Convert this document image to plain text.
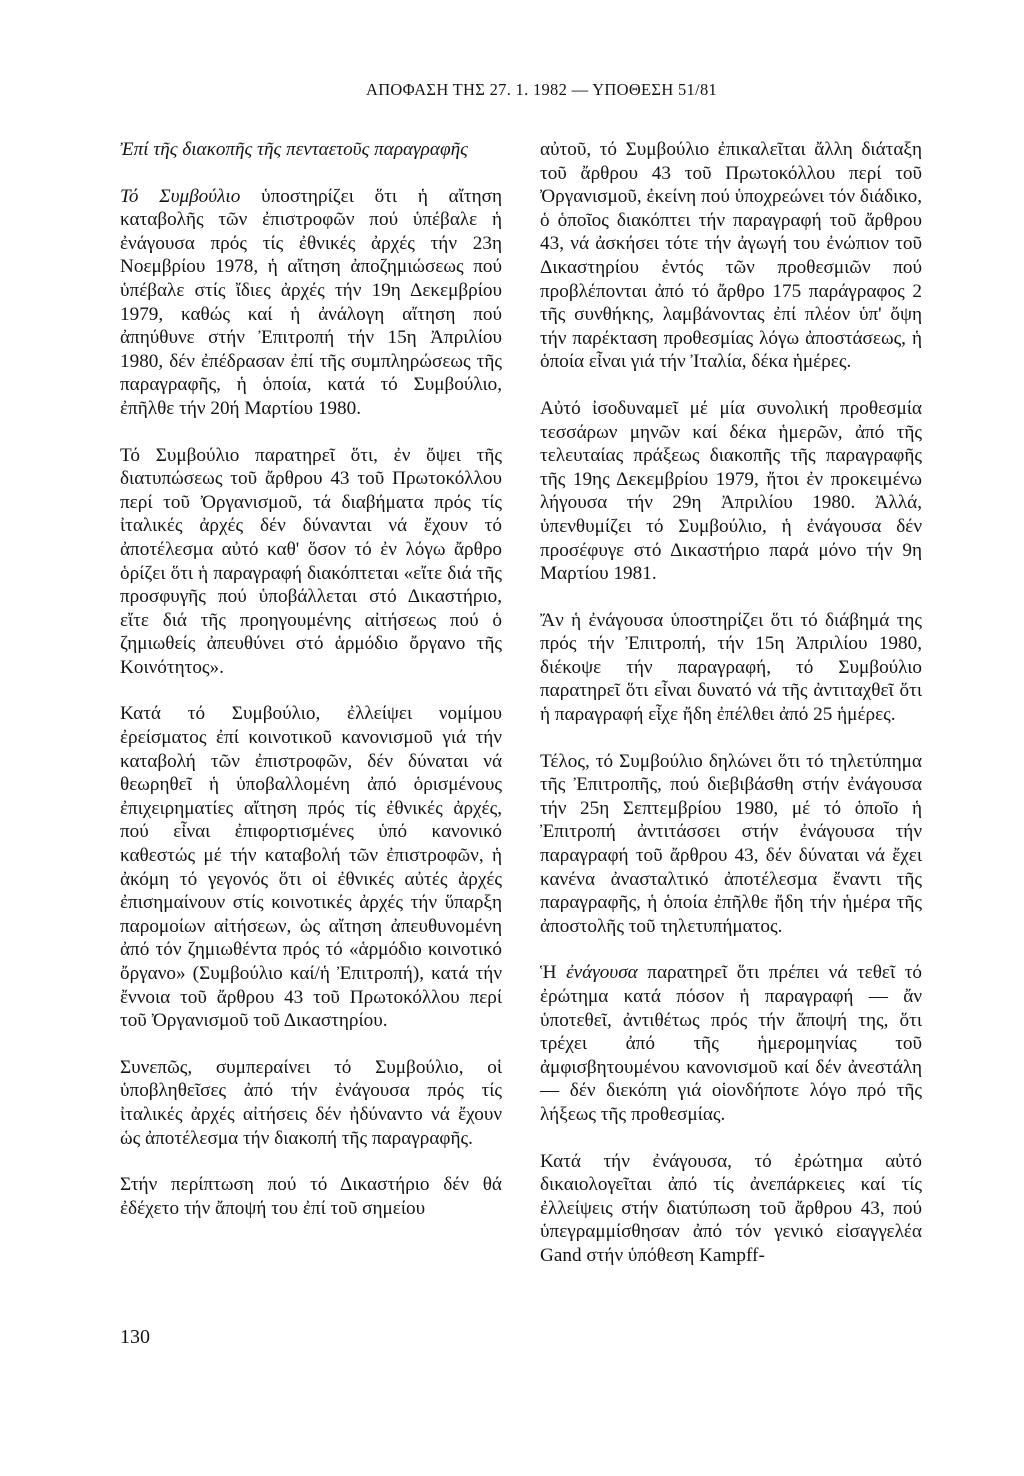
ΑΠΟΦΑΣΗ ΤΗΣ 27. 1. 1982 — ΥΠΟΘΕΣΗ 51/81

Ἐπί τῆς διακοπῆς τῆς πενταετοῦς παραγραφῆς

Τό Συμβούλιο ὑποστηρίζει ὅτι ἡ αἴτηση καταβολῆς τῶν ἐπιστροφῶν πού ὑπέβαλε ἡ ἐνάγουσα πρός τίς ἐθνικές ἀρχές τήν 23η Νοεμβρίου 1978, ἡ αἴτηση ἀποζημιώσεως πού ὑπέβαλε στίς ἴδιες ἀρχές τήν 19η Δεκεμβρίου 1979, καθώς καί ἡ ἀνάλογη αἴτηση πού ἀπηύθυνε στήν Ἐπιτροπή τήν 15η Ἀπριλίου 1980, δέν ἐπέδρασαν ἐπί τῆς συμπληρώσεως τῆς παραγραφῆς, ἡ ὁποία, κατά τό Συμβούλιο, ἐπῆλθε τήν 20ή Μαρτίου 1980.

Τό Συμβούλιο παρατηρεῖ ὅτι, ἐν ὄψει τῆς διατυπώσεως τοῦ ἄρθρου 43 τοῦ Πρωτοκόλλου περί τοῦ Ὀργανισμοῦ, τά διαβήματα πρός τίς ἰταλικές ἀρχές δέν δύνανται νά ἔχουν τό ἀποτέλεσμα αὐτό καθ' ὅσον τό ἐν λόγω ἄρθρο ὁρίζει ὅτι ἡ παραγραφή διακόπτεται «εἴτε διά τῆς προσφυγῆς πού ὑποβάλλεται στό Δικαστήριο, εἴτε διά τῆς προηγουμένης αἰτήσεως πού ὁ ζημιωθείς ἀπευθύνει στό ἁρμόδιο ὄργανο τῆς Κοινότητος».

Κατά τό Συμβούλιο, ἐλλείψει νομίμου ἐρείσματος ἐπί κοινοτικοῦ κανονισμοῦ γιά τήν καταβολή τῶν ἐπιστροφῶν, δέν δύναται νά θεωρηθεῖ ἡ ὑποβαλλομένη ἀπό ὁρισμένους ἐπιχειρηματίες αἴτηση πρός τίς ἐθνικές ἀρχές, πού εἶναι ἐπιφορτισμένες ὑπό κανονικό καθεστώς μέ τήν καταβολή τῶν ἐπιστροφῶν, ἡ ἀκόμη τό γεγονός ὅτι οἱ ἐθνικές αὐτές ἀρχές ἐπισημαίνουν στίς κοινοτικές ἀρχές τήν ὕπαρξη παρομοίων αἰτήσεων, ὡς αἴτηση ἀπευθυνομένη ἀπό τόν ζημιωθέντα πρός τό «ἁρμόδιο κοινοτικό ὄργανο» (Συμβούλιο καί/ἡ Ἐπιτροπή), κατά τήν ἔννοια τοῦ ἄρθρου 43 τοῦ Πρωτοκόλλου περί τοῦ Ὀργανισμοῦ τοῦ Δικαστηρίου.

Συνεπῶς, συμπεραίνει τό Συμβούλιο, οἱ ὑποβληθεῖσες ἀπό τήν ἐνάγουσα πρός τίς ἰταλικές ἀρχές αἰτήσεις δέν ἠδύναντο νά ἔχουν ὡς ἀποτέλεσμα τήν διακοπή τῆς παραγραφῆς.

Στήν περίπτωση πού τό Δικαστήριο δέν θά ἐδέχετο τήν ἄποψή του ἐπί τοῦ σημείου

αὐτοῦ, τό Συμβούλιο ἐπικαλεῖται ἄλλη διάταξη τοῦ ἄρθρου 43 τοῦ Πρωτοκόλλου περί τοῦ Ὀργανισμοῦ, ἐκείνη πού ὑποχρεώνει τόν διάδικο, ὁ ὁποῖος διακόπτει τήν παραγραφή τοῦ ἄρθρου 43, νά ἀσκήσει τότε τήν ἀγωγή του ἐνώπιον τοῦ Δικαστηρίου ἐντός τῶν προθεσμιῶν πού προβλέπονται ἀπό τό ἄρθρο 175 παράγραφος 2 τῆς συνθήκης, λαμβάνοντας ἐπί πλέον ὑπ' ὄψη τήν παρέκταση προθεσμίας λόγω ἀποστάσεως, ἡ ὁποία εἶναι γιά τήν Ἰταλία, δέκα ἡμέρες.

Αὐτό ἰσοδυναμεῖ μέ μία συνολική προθεσμία τεσσάρων μηνῶν καί δέκα ἡμερῶν, ἀπό τῆς τελευταίας πράξεως διακοπῆς τῆς παραγραφῆς τῆς 19ης Δεκεμβρίου 1979, ἤτοι ἐν προκειμένω λήγουσα τήν 29η Ἀπριλίου 1980. Ἀλλά, ὑπενθυμίζει τό Συμβούλιο, ἡ ἐνάγουσα δέν προσέφυγε στό Δικαστήριο παρά μόνο τήν 9η Μαρτίου 1981.

Ἄν ἡ ἐνάγουσα ὑποστηρίζει ὅτι τό διάβημά της πρός τήν Ἐπιτροπή, τήν 15η Ἀπριλίου 1980, διέκοψε τήν παραγραφή, τό Συμβούλιο παρατηρεῖ ὅτι εἶναι δυνατό νά τῆς ἀντιταχθεῖ ὅτι ἡ παραγραφή εἶχε ἤδη ἐπέλθει ἀπό 25 ἡμέρες.

Τέλος, τό Συμβούλιο δηλώνει ὅτι τό τηλετύπημα τῆς Ἐπιτροπῆς, πού διεβιβάσθη στήν ἐνάγουσα τήν 25η Σεπτεμβρίου 1980, μέ τό ὁποῖο ἡ Ἐπιτροπή ἀντιτάσσει στήν ἐνάγουσα τήν παραγραφή τοῦ ἄρθρου 43, δέν δύναται νά ἔχει κανένα ἀνασταλτικό ἀποτέλεσμα ἔναντι τῆς παραγραφῆς, ἡ ὁποία ἐπῆλθε ἤδη τήν ἡμέρα τῆς ἀποστολῆς τοῦ τηλετυπήματος.

Ἡ ἐνάγουσα παρατηρεῖ ὅτι πρέπει νά τεθεῖ τό ἐρώτημα κατά πόσον ἡ παραγραφή — ἄν ὑποτεθεῖ, ἀντιθέτως πρός τήν ἄποψή της, ὅτι τρέχει ἀπό τῆς ἡμερομηνίας τοῦ ἀμφισβητουμένου κανονισμοῦ καί δέν ἀνεστάλη — δέν διεκόπη γιά οἱονδήποτε λόγο πρό τῆς λήξεως τῆς προθεσμίας.

Κατά τήν ἐνάγουσα, τό ἐρώτημα αὐτό δικαιολογεῖται ἀπό τίς ἀνεπάρκειες καί τίς ἐλλείψεις στήν διατύπωση τοῦ ἄρθρου 43, πού ὑπεγραμμίσθησαν ἀπό τόν γενικό εἰσαγγελέα Gand στήν ὑπόθεση Kampff-

130
